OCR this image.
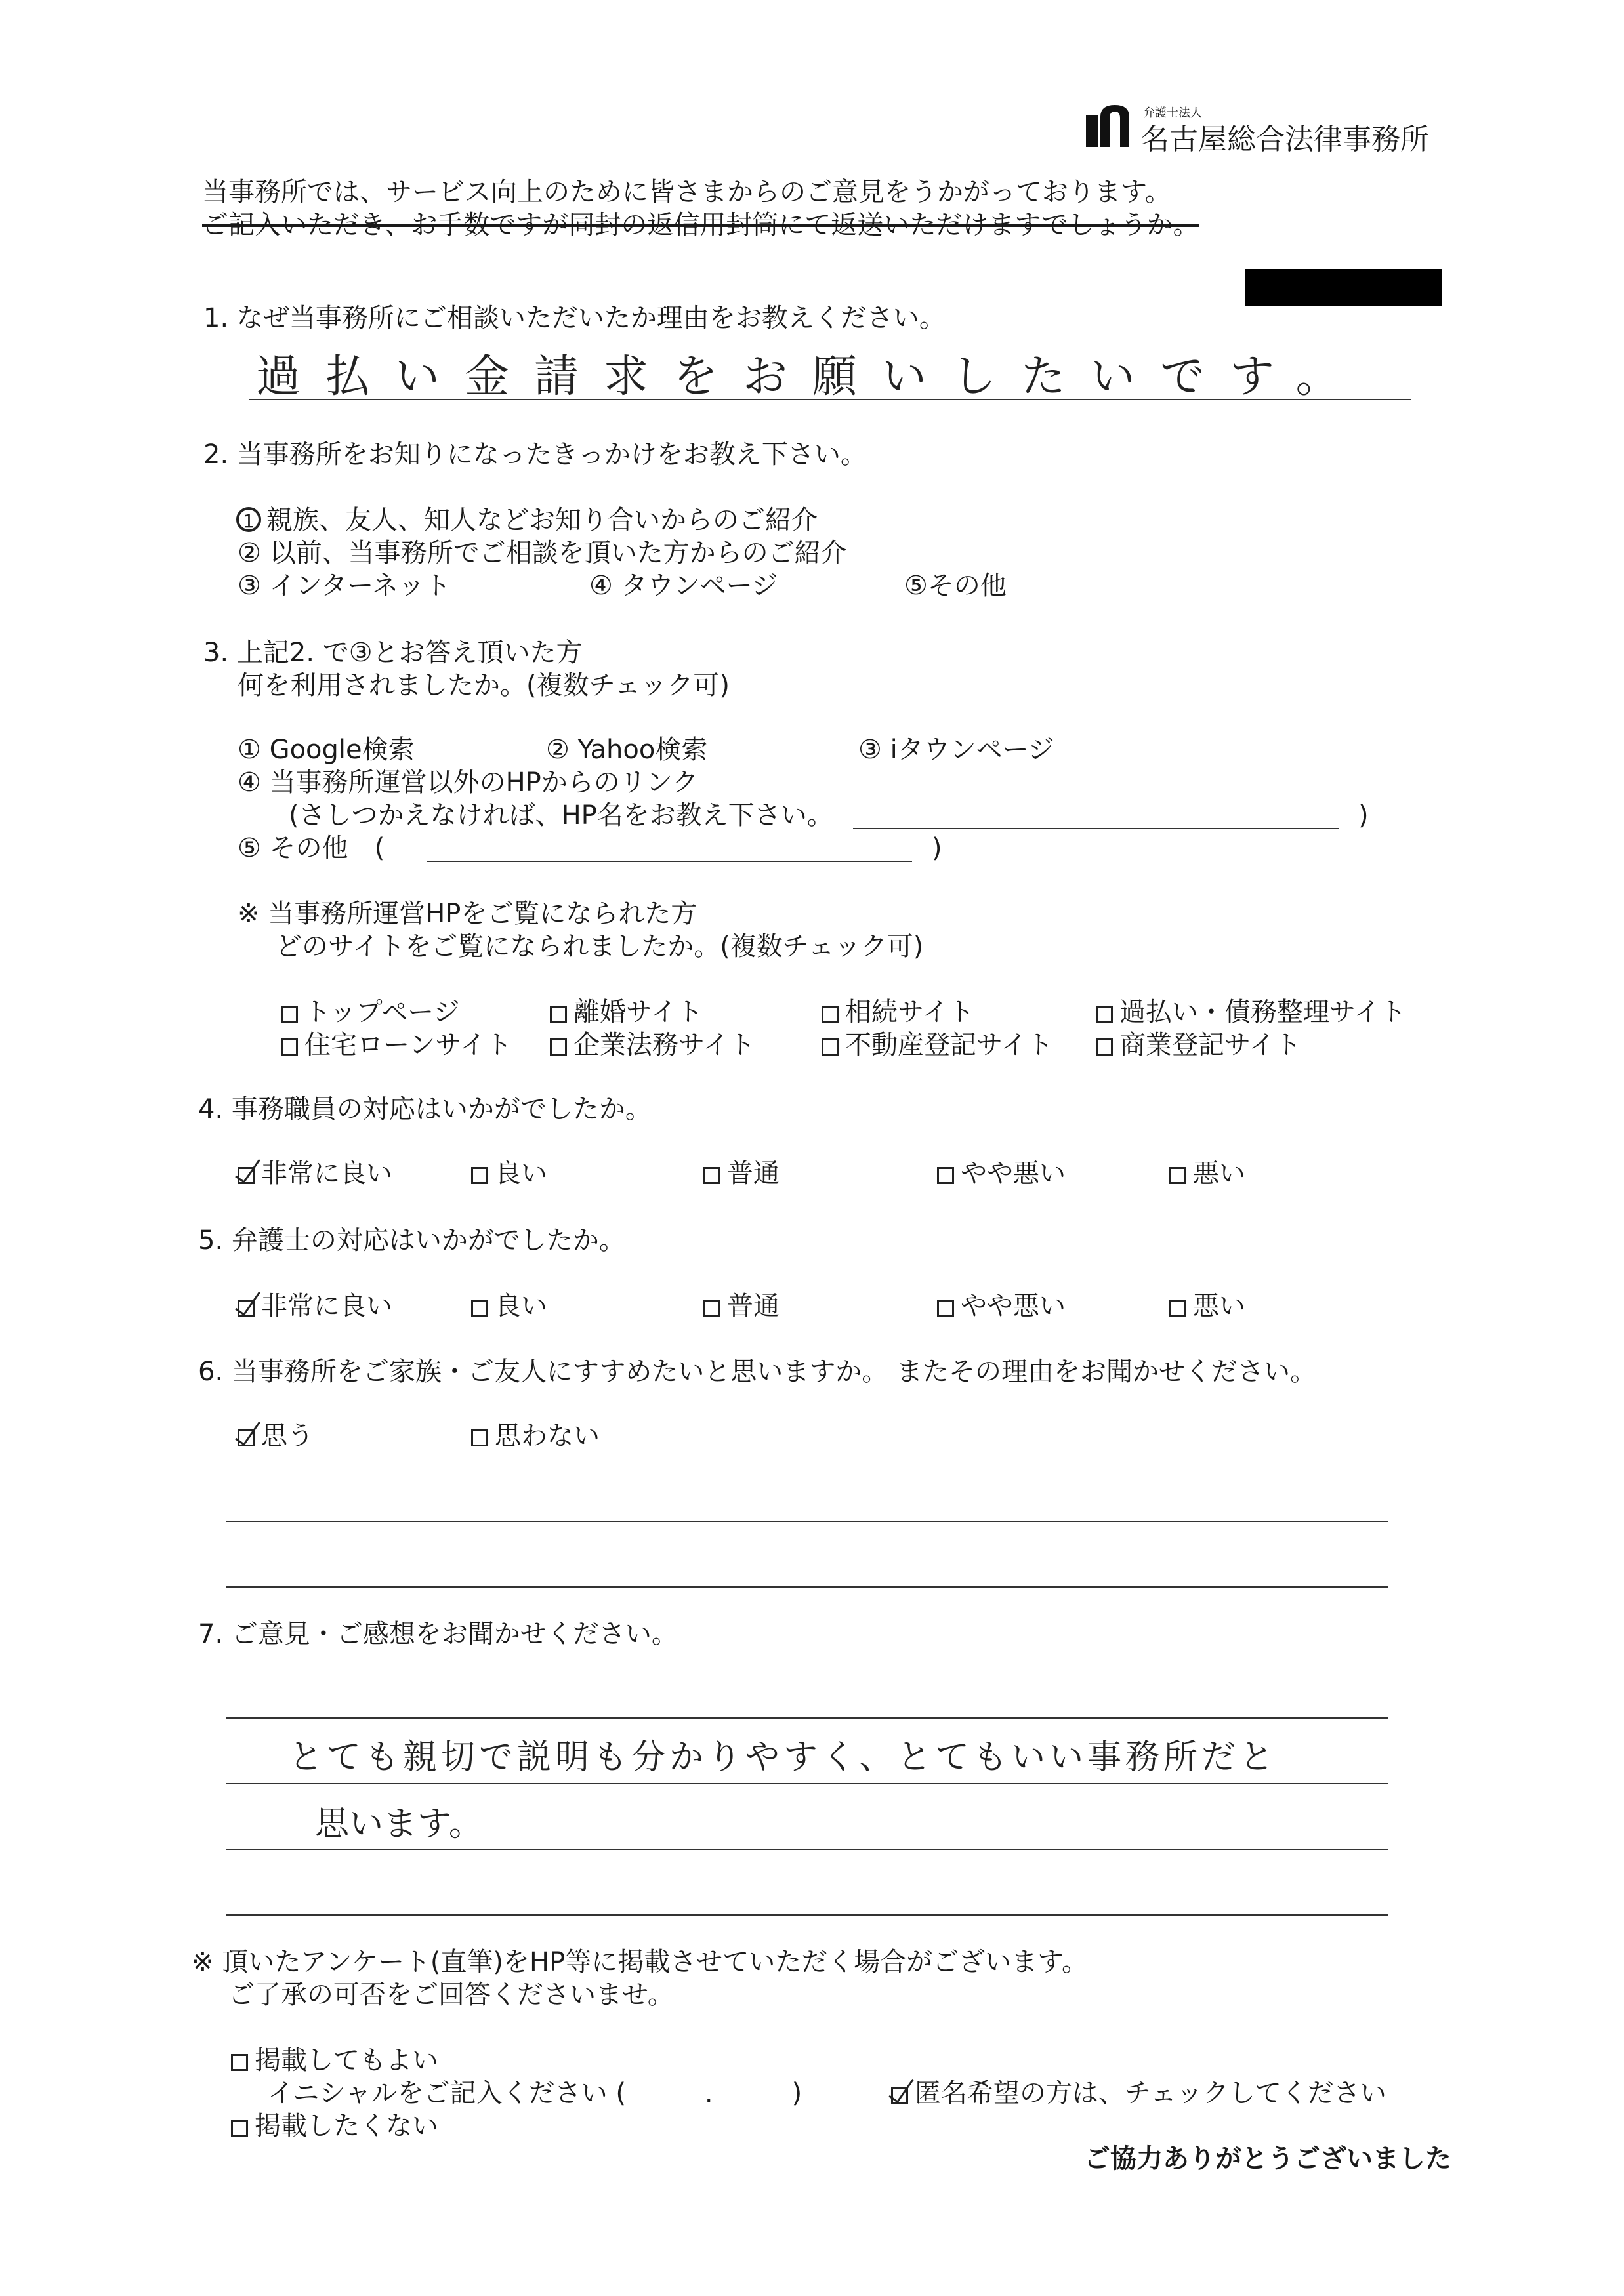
弁護士法人
名古屋総合法律事務所
当事務所では、サービス向上のために皆さまからのご意見をうかがっております。
ご記入いただき、お手数ですが同封の返信用封筒にて返送いただけますでしょうか。
1. なぜ当事務所にご相談いただいたか理由をお教えください。
過払い金請求をお願いしたいです。
2. 当事務所をお知りになったきっかけをお教え下さい。
1 親族、友人、知人などお知り合いからのご紹介
② 以前、当事務所でご相談を頂いた方からのご紹介
③ インターネット	④ タウンページ	⑤その他
3. 上記2. で③とお答え頂いた方
何を利用されましたか。(複数チェック可)
① Google検索	② Yahoo検索	③ iタウンページ
④ 当事務所運営以外のHPからのリンク
(さしつかえなければ、HP名をお教え下さい。	)
⑤ その他　(	)
※ 当事務所運営HPをご覧になられた方
どのサイトをご覧になられましたか。(複数チェック可)
トップページ	離婚サイト	相続サイト	過払い・債務整理サイト
住宅ローンサイト	企業法務サイト	不動産登記サイト	商業登記サイト
4. 事務職員の対応はいかがでしたか。
非常に良い	良い	普通	やや悪い	悪い
5. 弁護士の対応はいかがでしたか。
非常に良い	良い	普通	やや悪い	悪い
6. 当事務所をご家族・ご友人にすすめたいと思いますか。 またその理由をお聞かせください。
思う	思わない
7. ご意見・ご感想をお聞かせください。
とても親切で説明も分かりやすく、とてもいい事務所だと
思います。
※ 頂いたアンケート(直筆)をHP等に掲載させていただく場合がございます。
ご了承の可否をご回答くださいませ。
掲載してもよい
イニシャルをご記入ください (　　　.　　　)	匿名希望の方は、チェックしてください
掲載したくない
ご協力ありがとうございました
